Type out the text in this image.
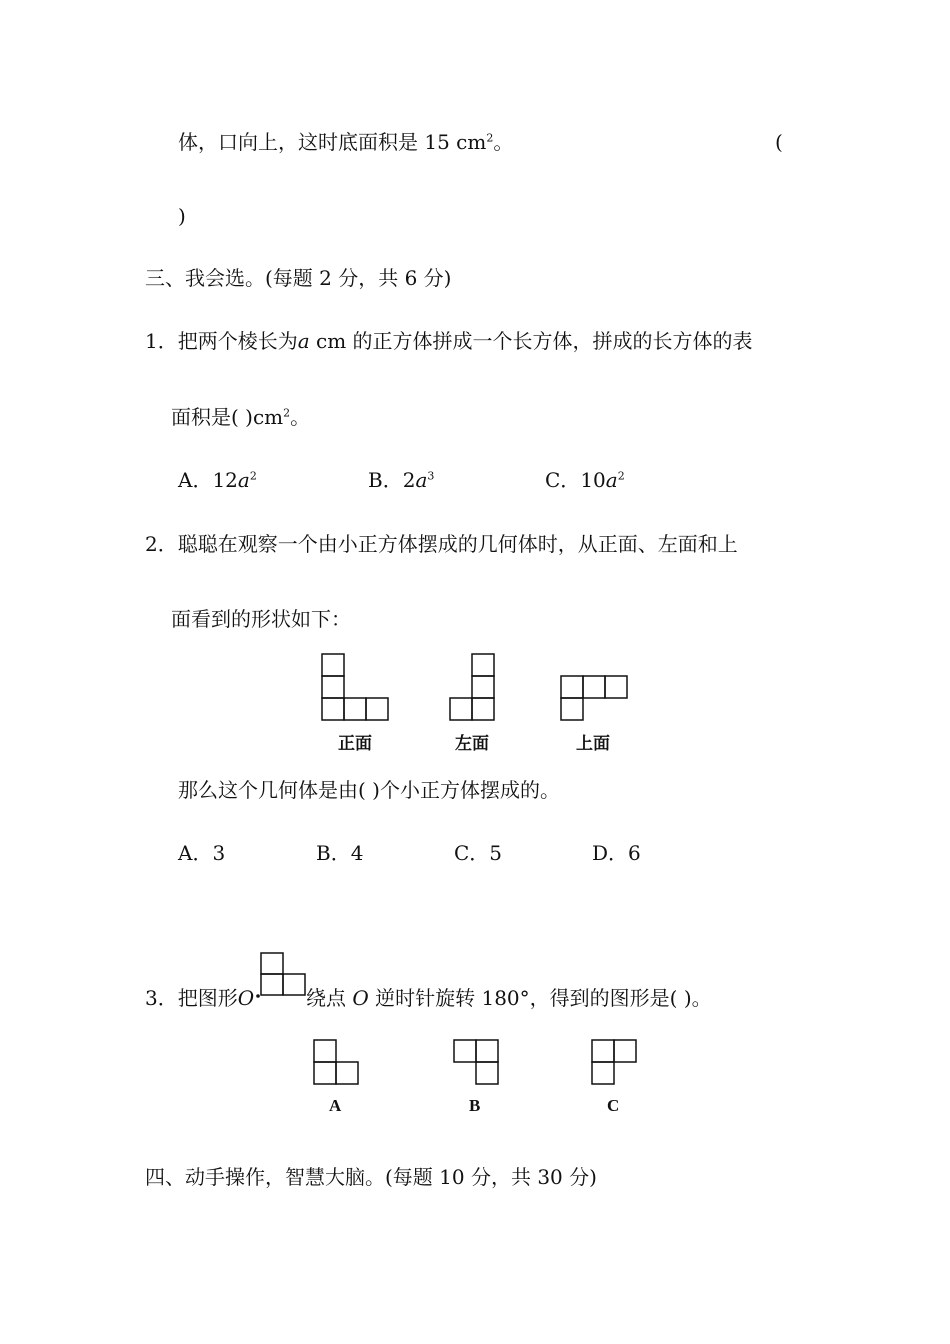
体，口向上，这时底面积是 15 $cm^2$。	(
)
三、我会选。(每题 2 分，共 6 分)
1．把两个棱长为a cm 的正方体拼成一个长方体，拼成的长方体的表
面积是( )$cm^2$。
A．$12a^2$	B．$2a^3$	C．$10a^2$
2．聪聪在观察一个由小正方体摆成的几何体时，从正面、左面和上
面看到的形状如下：
正面	左面	上面
那么这个几何体是由( )个小正方体摆成的。
A．3	B．4	C．5	D．6
3．把图形O	绕点 O 逆时针旋转 180°，得到的图形是( )。
A	B	C
四、动手操作，智慧大脑。(每题 10 分，共 30 分)
